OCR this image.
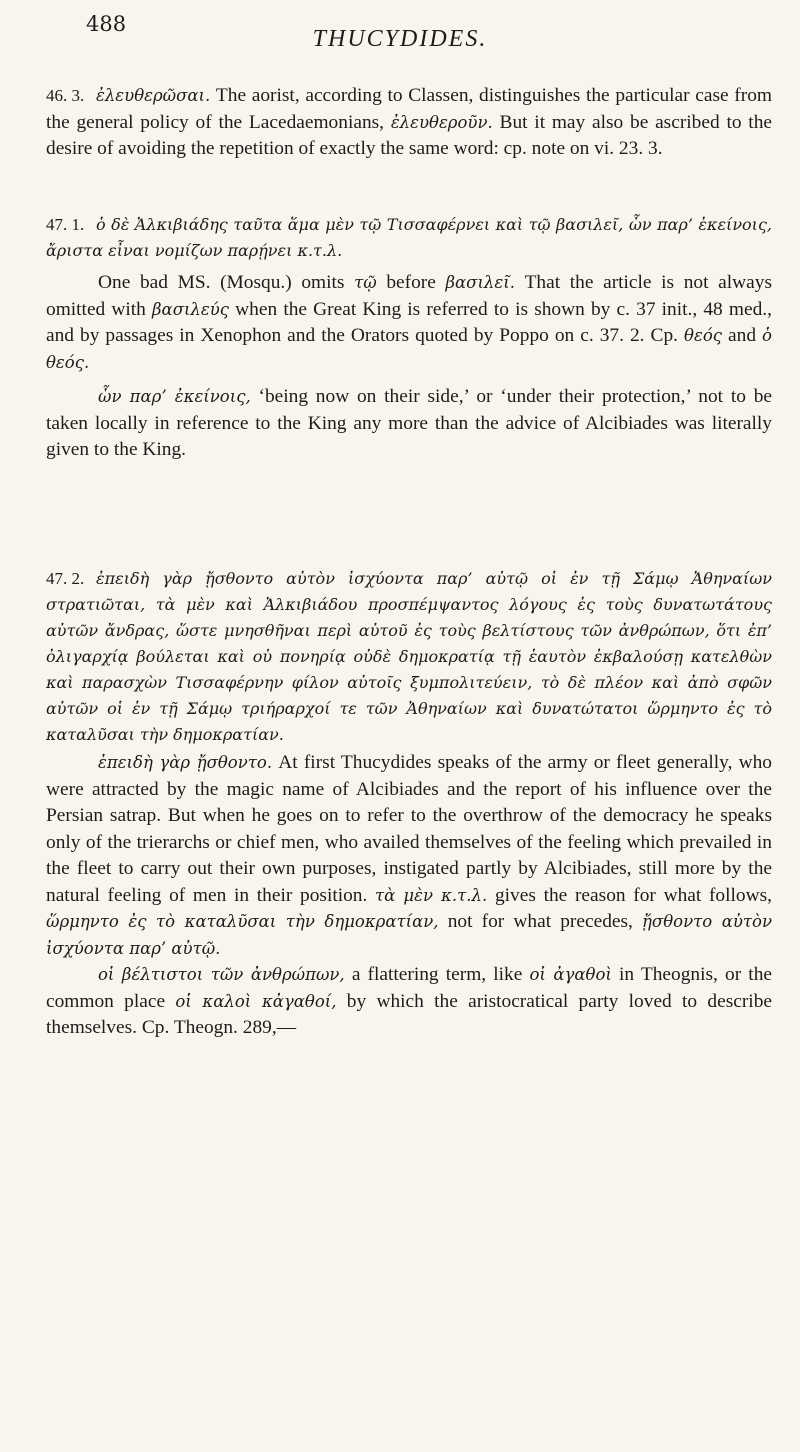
488
THUCYDIDES.

46. 3. ἐλευθερῶσαι. The aorist, according to Classen, distinguishes the particular case from the general policy of the Lacedaemonians, ἐλευθεροῦν. But it may also be ascribed to the desire of avoiding the repetition of exactly the same word: cp. note on vi. 23. 3.

47. 1. ὁ δὲ Ἀλκιβιάδης ταῦτα ἅμα μὲν τῷ Τισσαφέρνει καὶ τῷ βασιλεῖ, ὧν παρ’ ἐκείνοις, ἄριστα εἶναι νομίζων παρῄνει κ.τ.λ.

One bad MS. (Mosqu.) omits τῷ before βασιλεῖ. That the article is not always omitted with βασιλεύς when the Great King is referred to is shown by c. 37 init., 48 med., and by passages in Xenophon and the Orators quoted by Poppo on c. 37. 2. Cp. θεός and ὁ θεός.

ὧν παρ’ ἐκείνοις, ‘being now on their side,’ or ‘under their protection,’ not to be taken locally in reference to the King any more than the advice of Alcibiades was literally given to the King.

47. 2. ἐπειδὴ γὰρ ᾔσθοντο αὐτὸν ἰσχύοντα παρ’ αὐτῷ οἱ ἐν τῇ Σάμῳ Ἀθηναίων στρατιῶται, τὰ μὲν καὶ Ἀλκιβιάδου προσπέμψαντος λόγους ἐς τοὺς δυνατωτάτους αὐτῶν ἄνδρας, ὥστε μνησθῆναι περὶ αὐτοῦ ἐς τοὺς βελτίστους τῶν ἀνθρώπων, ὅτι ἐπ’ ὀλιγαρχίᾳ βούλεται καὶ οὐ πονηρίᾳ οὐδὲ δημοκρατίᾳ τῇ ἑαυτὸν ἐκβαλούσῃ κατελθὼν καὶ παρασχὼν Τισσαφέρνην φίλον αὐτοῖς ξυμπολιτεύειν, τὸ δὲ πλέον καὶ ἀπὸ σφῶν αὐτῶν οἱ ἐν τῇ Σάμῳ τριήραρχοί τε τῶν Ἀθηναίων καὶ δυνατώτατοι ὥρμηντο ἐς τὸ καταλῦσαι τὴν δημοκρατίαν.

ἐπειδὴ γὰρ ᾔσθοντο. At first Thucydides speaks of the army or fleet generally, who were attracted by the magic name of Alcibiades and the report of his influence over the Persian satrap. But when he goes on to refer to the overthrow of the democracy he speaks only of the trierarchs or chief men, who availed themselves of the feeling which prevailed in the fleet to carry out their own purposes, instigated partly by Alcibiades, still more by the natural feeling of men in their position. τὰ μὲν κ.τ.λ. gives the reason for what follows, ὥρμηντο ἐς τὸ καταλῦσαι τὴν δημοκρατίαν, not for what precedes, ᾔσθοντο αὐτὸν ἰσχύοντα παρ’ αὐτῷ.

οἱ βέλτιστοι τῶν ἀνθρώπων, a flattering term, like οἱ ἀγαθοὶ in Theognis, or the common place οἱ καλοὶ κἀγαθοί, by which the aristocratical party loved to describe themselves. Cp. Theogn. 289,—
